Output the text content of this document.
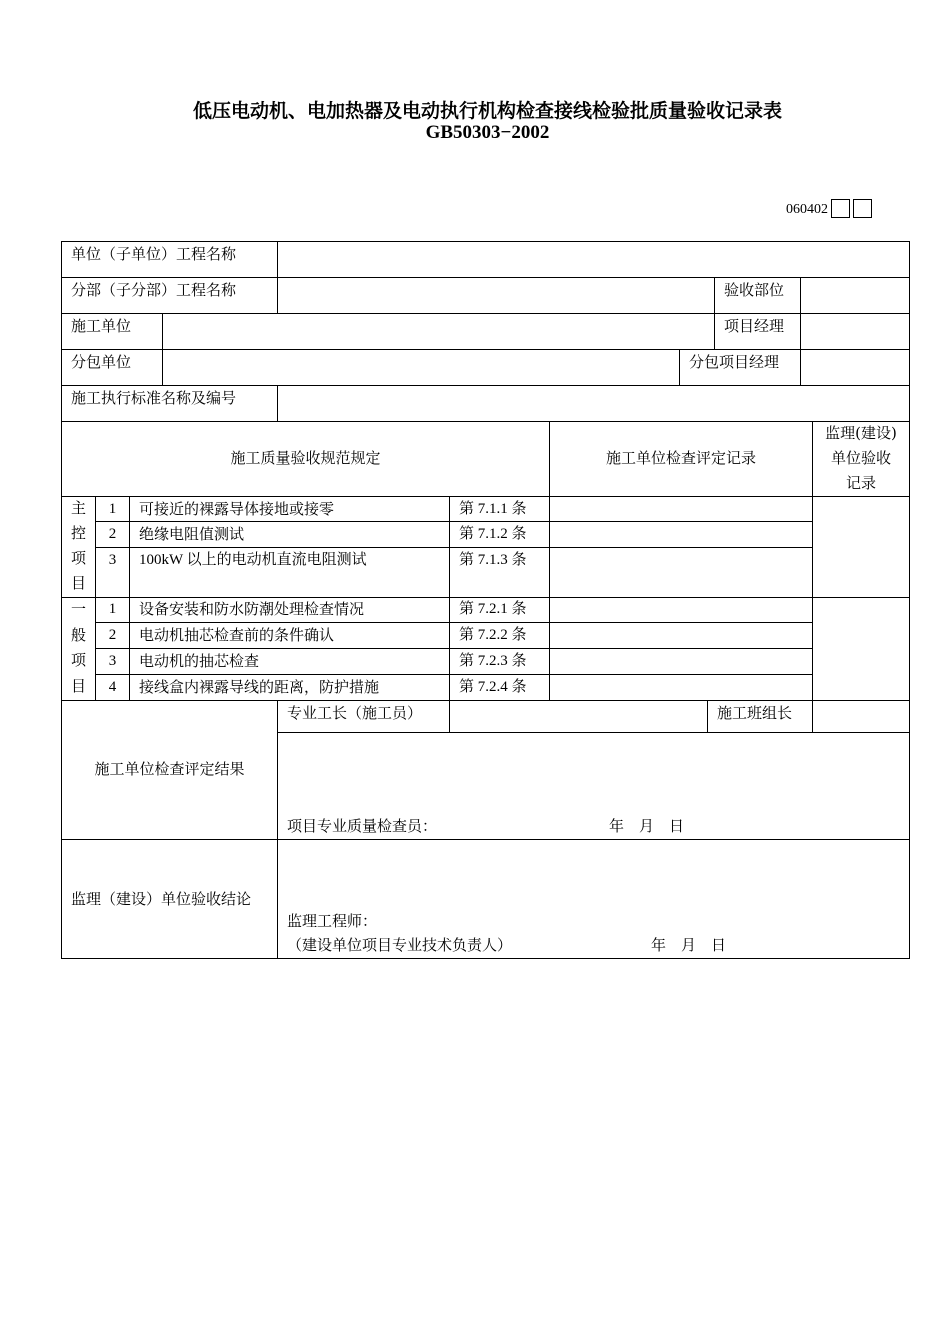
低压电动机、电加热器及电动执行机构检查接线检验批质量验收记录表
GB50303−2002
060402
单位（子单位）工程名称
分部（子分部）工程名称	验收部位
施工单位	项目经理
分包单位	分包项目经理
施工执行标准名称及编号
施工质量验收规范规定	施工单位检查评定记录
监理(建设)
单位验收
记录
主
控
项
目
1	可接近的裸露导体接地或接零	第 7.1.1 条
2	绝缘电阻值测试	第 7.1.2 条
3	100kW 以上的电动机直流电阻测试	第 7.1.3 条
一
般
项
目
1	设备安装和防水防潮处理检查情况	第 7.2.1 条
2	电动机抽芯检查前的条件确认	第 7.2.2 条
3	电动机的抽芯检查	第 7.2.3 条
4	接线盒内裸露导线的距离，防护措施	第 7.2.4 条
施工单位检查评定结果
专业工长（施工员）	施工班组长
项目专业质量检查员：	年　月　日
监理（建设）单位验收结论
监理工程师：
（建设单位项目专业技术负责人）	年　月　日
